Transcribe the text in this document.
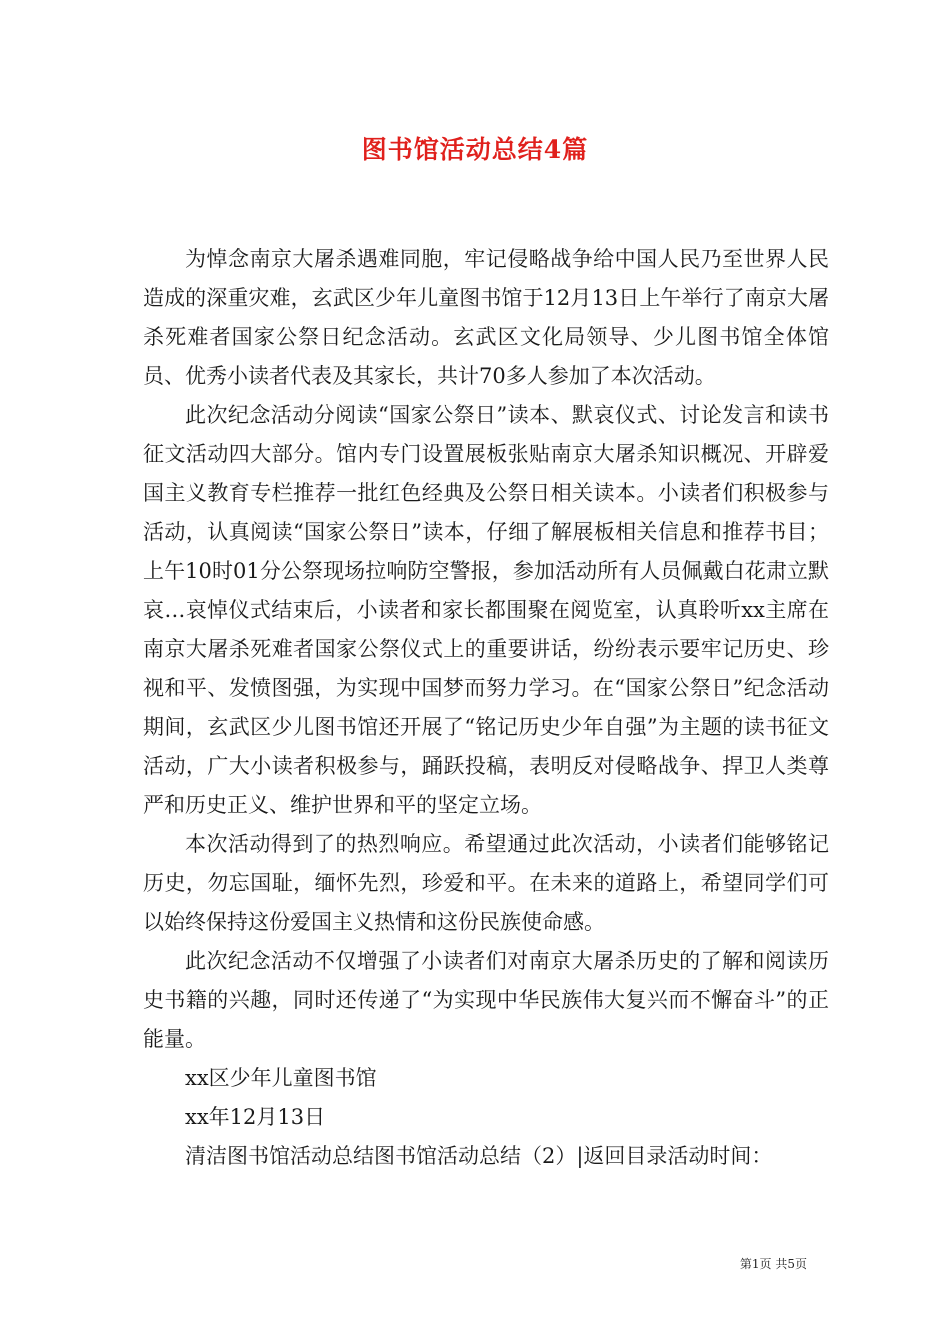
图书馆活动总结4篇

为悼念南京大屠杀遇难同胞，牢记侵略战争给中国人民乃至世界人民造成的深重灾难，玄武区少年儿童图书馆于12月13日上午举行了南京大屠杀死难者国家公祭日纪念活动。玄武区文化局领导、少儿图书馆全体馆员、优秀小读者代表及其家长，共计70多人参加了本次活动。

此次纪念活动分阅读“国家公祭日”读本、默哀仪式、讨论发言和读书征文活动四大部分。馆内专门设置展板张贴南京大屠杀知识概况、开辟爱国主义教育专栏推荐一批红色经典及公祭日相关读本。小读者们积极参与活动，认真阅读“国家公祭日”读本，仔细了解展板相关信息和推荐书目；上午10时01分公祭现场拉响防空警报，参加活动所有人员佩戴白花肃立默哀…哀悼仪式结束后，小读者和家长都围聚在阅览室，认真聆听xx主席在南京大屠杀死难者国家公祭仪式上的重要讲话，纷纷表示要牢记历史、珍视和平、发愤图强，为实现中国梦而努力学习。在“国家公祭日”纪念活动期间，玄武区少儿图书馆还开展了“铭记历史少年自强”为主题的读书征文活动，广大小读者积极参与，踊跃投稿，表明反对侵略战争、捍卫人类尊严和历史正义、维护世界和平的坚定立场。

本次活动得到了的热烈响应。希望通过此次活动，小读者们能够铭记历史，勿忘国耻，缅怀先烈，珍爱和平。在未来的道路上，希望同学们可以始终保持这份爱国主义热情和这份民族使命感。

此次纪念活动不仅增强了小读者们对南京大屠杀历史的了解和阅读历史书籍的兴趣，同时还传递了“为实现中华民族伟大复兴而不懈奋斗”的正能量。

xx区少年儿童图书馆

xx年12月13日

清洁图书馆活动总结图书馆活动总结（2）|返回目录活动时间：

第1页 共5页
